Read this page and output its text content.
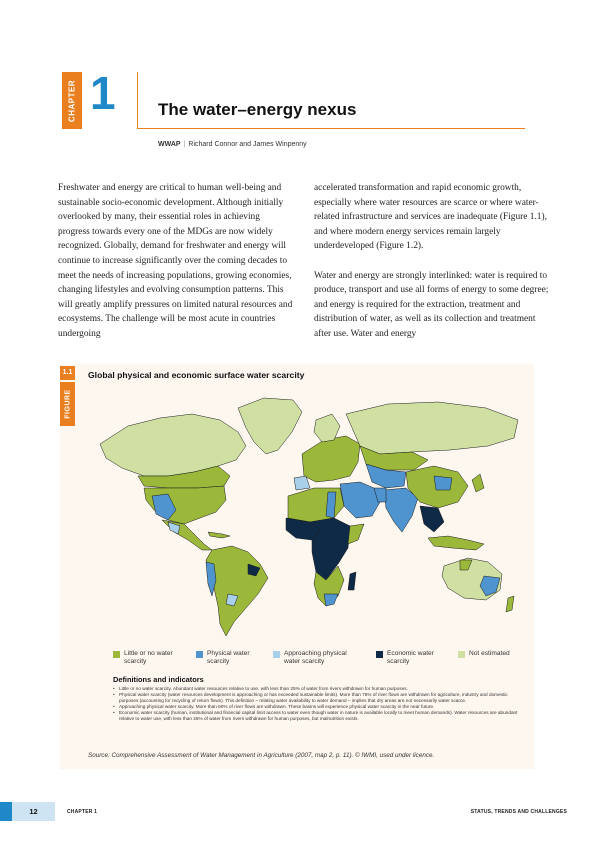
CHAPTER 1 The water–energy nexus
WWAP | Richard Connor and James Winpenny

Freshwater and energy are critical to human well-being and sustainable socio-economic development. Although initially overlooked by many, their essential roles in achieving progress towards every one of the MDGs are now widely recognized. Globally, demand for freshwater and energy will continue to increase significantly over the coming decades to meet the needs of increasing populations, growing economies, changing lifestyles and evolving consumption patterns. This will greatly amplify pressures on limited natural resources and ecosystems. The challenge will be most acute in countries undergoing

accelerated transformation and rapid economic growth, especially where water resources are scarce or where water-related infrastructure and services are inadequate (Figure 1.1), and where modern energy services remain largely underdeveloped (Figure 1.2).

Water and energy are strongly interlinked: water is required to produce, transport and use all forms of energy to some degree; and energy is required for the extraction, treatment and distribution of water, as well as its collection and treatment after use. Water and energy

1.1
FIGURE
Global physical and economic surface water scarcity
Little or no water scarcity
Physical water scarcity
Approaching physical water scarcity
Economic water scarcity
Not estimated
Definitions and indicators
• Little or no water scarcity. Abundant water resources relative to use, with less than 25% of water from rivers withdrawn for human purposes.
• Physical water scarcity (water resources development is approaching or has exceeded sustainable limits). More than 75% of river flows are withdrawn for agriculture, industry and domestic purposes (accounting for recycling of return flows). This definition – relating water availability to water demand – implies that dry areas are not necessarily water scarce.
• Approaching physical water scarcity. More than 60% of river flows are withdrawn. These basins will experience physical water scarcity in the near future.
• Economic water scarcity (human, institutional and financial capital limit access to water even though water in nature is available locally to meet human demands). Water resources are abundant relative to water use, with less than 25% of water from rivers withdrawn for human purposes, but malnutrition exists.
Source: Comprehensive Assessment of Water Management in Agriculture (2007, map 2, p. 11). © IWMI, used under licence.
12	CHAPTER 1	STATUS, TRENDS AND CHALLENGES
